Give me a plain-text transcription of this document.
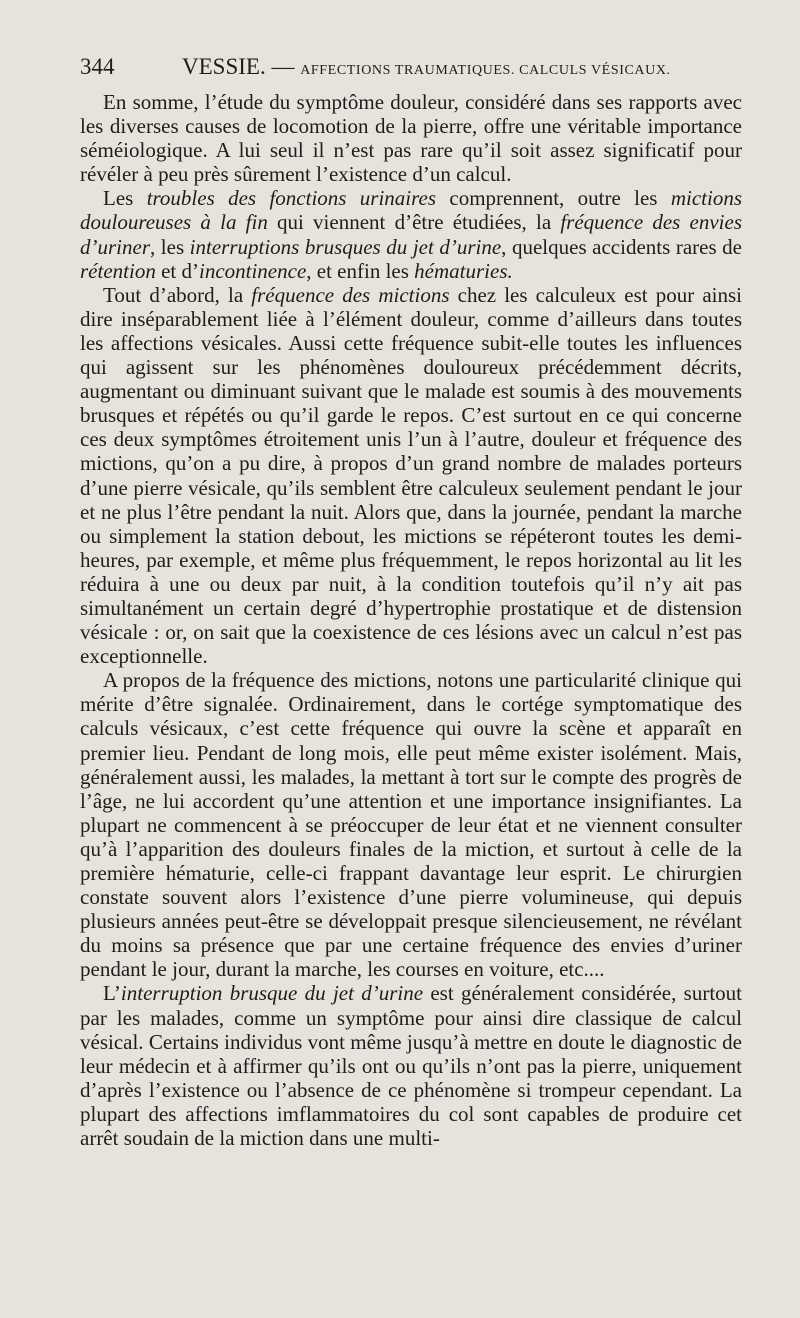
344	VESSIE. — AFFECTIONS TRAUMATIQUES. CALCULS VÉSICAUX.

En somme, l’étude du symptôme douleur, considéré dans ses rapports avec les diverses causes de locomotion de la pierre, offre une véritable importance séméiologique. A lui seul il n’est pas rare qu’il soit assez significatif pour révéler à peu près sûrement l’existence d’un calcul.

Les troubles des fonctions urinaires comprennent, outre les mictions douloureuses à la fin qui viennent d’être étudiées, la fréquence des envies d’uriner, les interruptions brusques du jet d’urine, quelques accidents rares de rétention et d’incontinence, et enfin les hématuries.

Tout d’abord, la fréquence des mictions chez les calculeux est pour ainsi dire inséparablement liée à l’élément douleur, comme d’ailleurs dans toutes les affections vésicales. Aussi cette fréquence subit-elle toutes les influences qui agissent sur les phénomènes douloureux précédemment décrits, augmentant ou diminuant suivant que le malade est soumis à des mouvements brusques et répétés ou qu’il garde le repos. C’est surtout en ce qui concerne ces deux symptômes étroitement unis l’un à l’autre, douleur et fréquence des mictions, qu’on a pu dire, à propos d’un grand nombre de malades porteurs d’une pierre vésicale, qu’ils semblent être calculeux seulement pendant le jour et ne plus l’être pendant la nuit. Alors que, dans la journée, pendant la marche ou simplement la station debout, les mictions se répéteront toutes les demi-heures, par exemple, et même plus fréquemment, le repos horizontal au lit les réduira à une ou deux par nuit, à la condition toutefois qu’il n’y ait pas simultanément un certain degré d’hypertrophie prostatique et de distension vésicale : or, on sait que la coexistence de ces lésions avec un calcul n’est pas exceptionnelle.

A propos de la fréquence des mictions, notons une particularité clinique qui mérite d’être signalée. Ordinairement, dans le cortége symptomatique des calculs vésicaux, c’est cette fréquence qui ouvre la scène et apparaît en premier lieu. Pendant de long mois, elle peut même exister isolément. Mais, généralement aussi, les malades, la mettant à tort sur le compte des progrès de l’âge, ne lui accordent qu’une attention et une importance insignifiantes. La plupart ne commencent à se préoccuper de leur état et ne viennent consulter qu’à l’apparition des douleurs finales de la miction, et surtout à celle de la première hématurie, celle-ci frappant davantage leur esprit. Le chirurgien constate souvent alors l’existence d’une pierre volumineuse, qui depuis plusieurs années peut-être se développait presque silencieusement, ne révélant du moins sa présence que par une certaine fréquence des envies d’uriner pendant le jour, durant la marche, les courses en voiture, etc....

L’interruption brusque du jet d’urine est généralement considérée, surtout par les malades, comme un symptôme pour ainsi dire classique de calcul vésical. Certains individus vont même jusqu’à mettre en doute le diagnostic de leur médecin et à affirmer qu’ils ont ou qu’ils n’ont pas la pierre, uniquement d’après l’existence ou l’absence de ce phénomène si trompeur cependant. La plupart des affections imflammatoires du col sont capables de produire cet arrêt soudain de la miction dans une multi-
